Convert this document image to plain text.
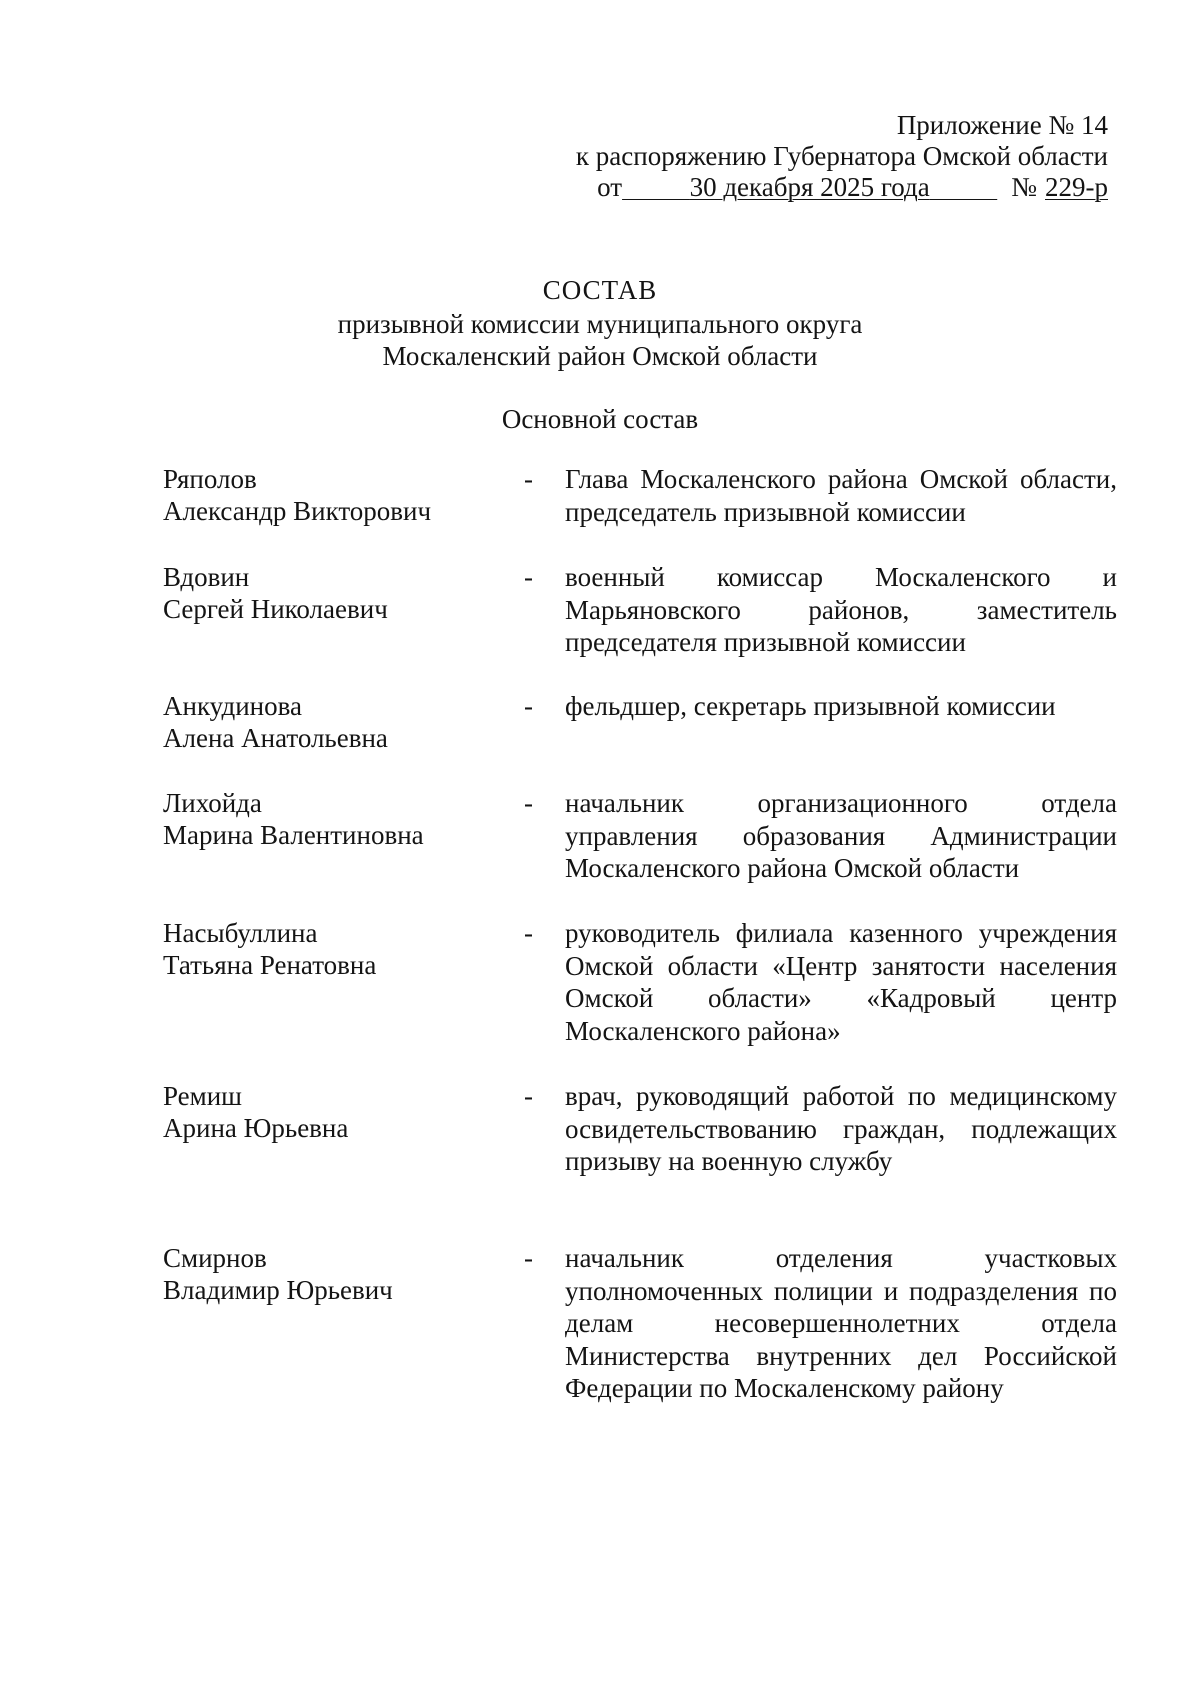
Приложение № 14
к распоряжению Губернатора Омской области
от	30 декабря 2025 года	№ 229-р
СОСТАВ
призывной комиссии муниципального округа
Москаленский район Омской области
Основной состав
Ряполов
Александр Викторович
- Глава Москаленского района Омской области, председатель призывной комиссии
Вдовин
Сергей Николаевич
- военный комиссар Москаленского и Марьяновского районов, заместитель председателя призывной комиссии
Анкудинова
Алена Анатольевна
- фельдшер, секретарь призывной комиссии
Лихойда
Марина Валентиновна
- начальник организационного отдела управления образования Администрации Москаленского района Омской области
Насыбуллина
Татьяна Ренатовна
- руководитель филиала казенного учреждения Омской области «Центр занятости населения Омской области» «Кадровый центр Москаленского района»
Ремиш
Арина Юрьевна
- врач, руководящий работой по медицинскому освидетельствованию граждан, подлежащих призыву на военную службу
Смирнов
Владимир Юрьевич
- начальник отделения участковых уполномоченных полиции и подразделения по делам несовершеннолетних отдела Министерства внутренних дел Российской Федерации по Москаленскому району
